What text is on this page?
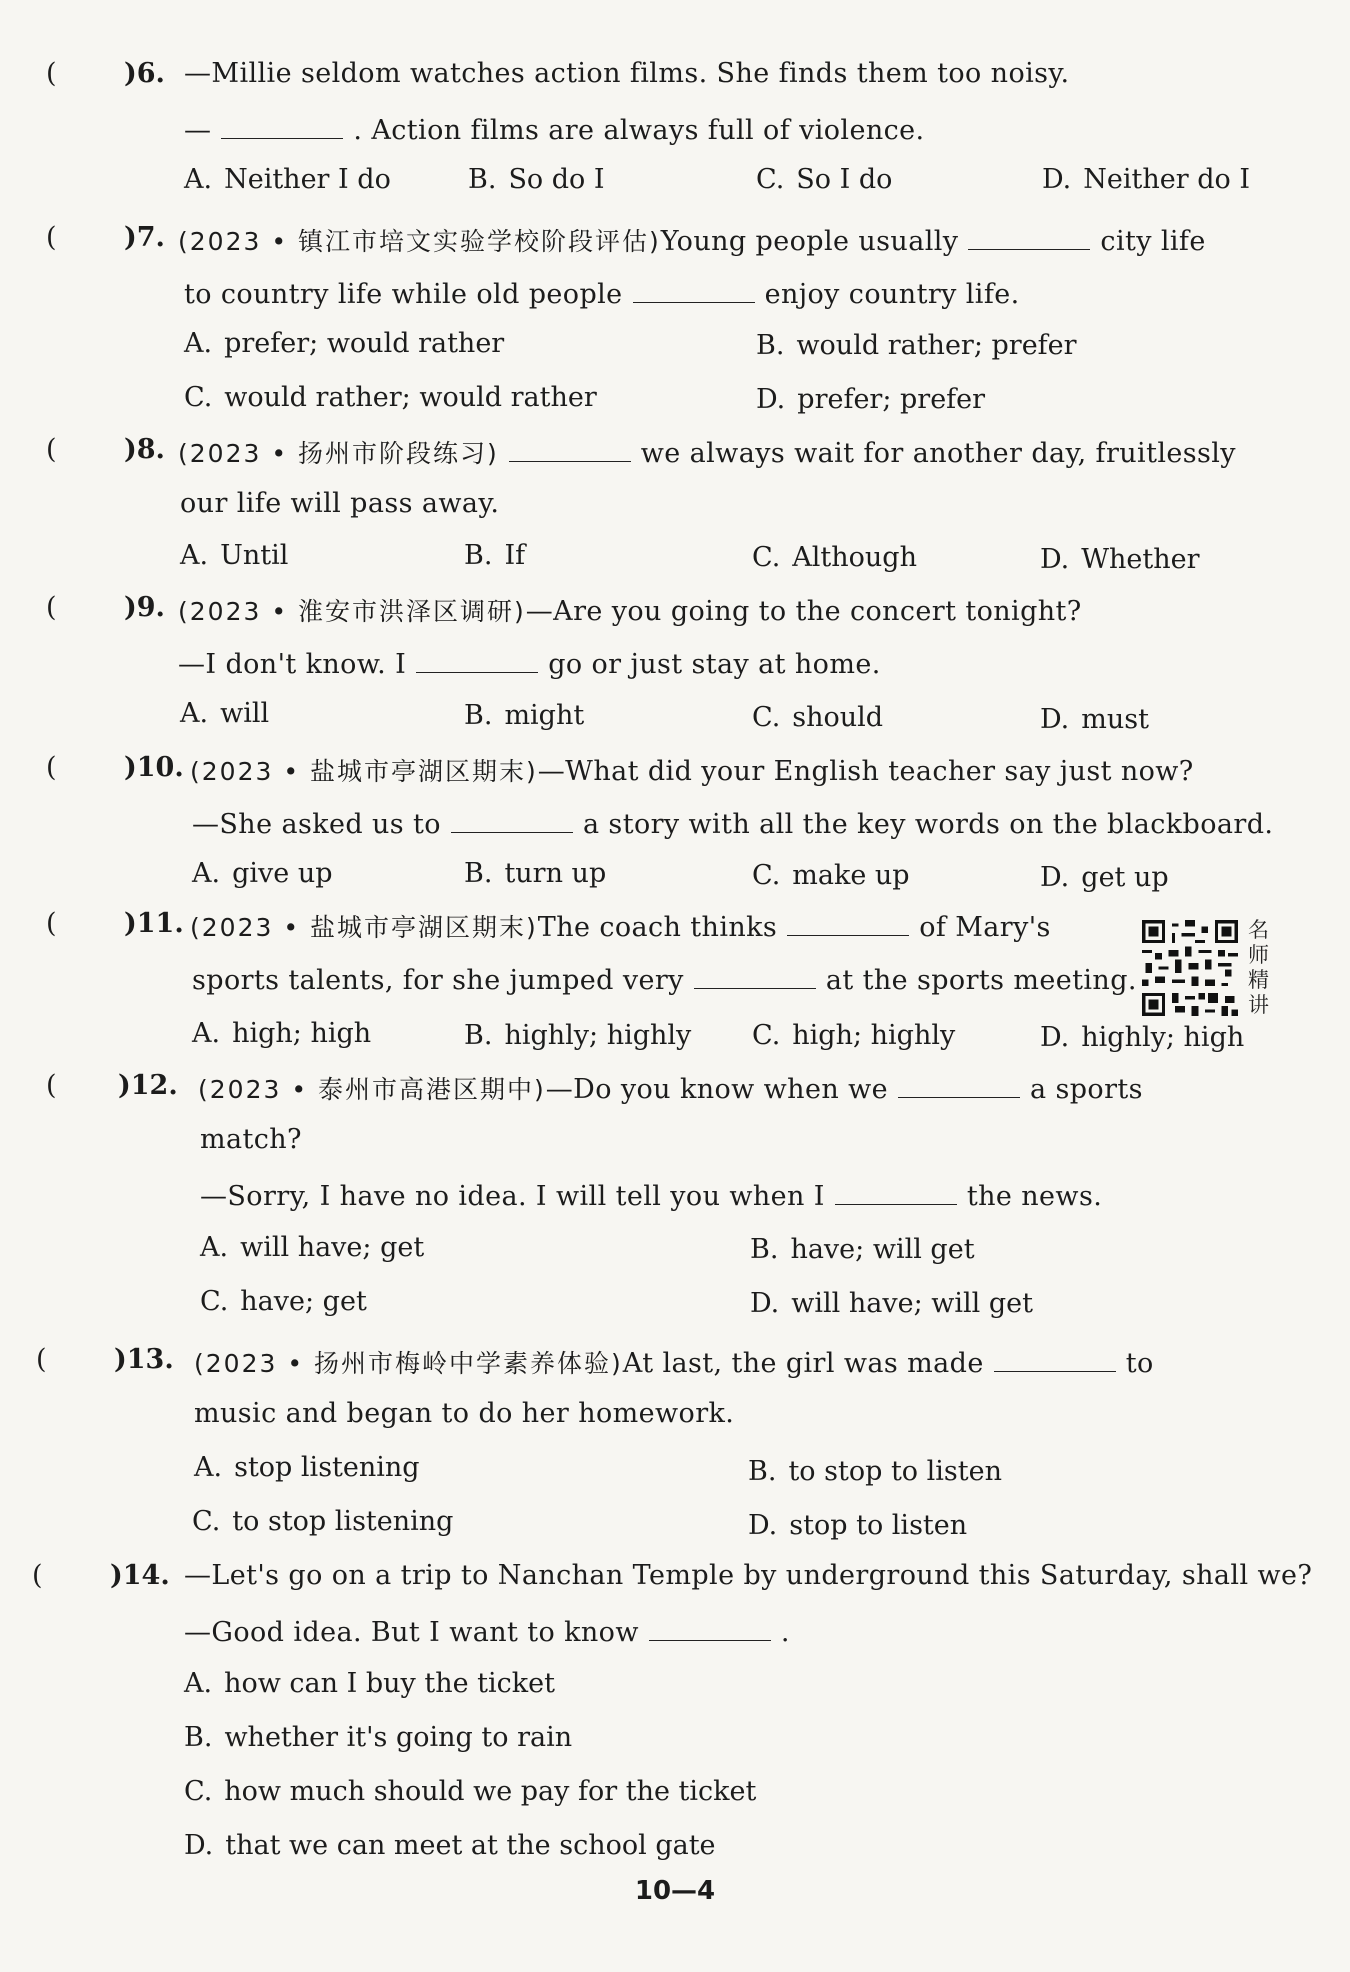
( )6. —Millie seldom watches action films. She finds them too noisy.
—	. Action films are always full of violence.
A. Neither I do	B. So do I	C. So I do	D. Neither do I
( )7. (2023 • 镇江市培文实验学校阶段评估)Young people usually	city life
to country life while old people	enjoy country life.
A. prefer; would rather	B. would rather; prefer
C. would rather; would rather	D. prefer; prefer
( )8. (2023 • 扬州市阶段练习)	we always wait for another day, fruitlessly
our life will pass away.
A. Until	B. If	C. Although	D. Whether
( )9. (2023 • 淮安市洪泽区调研)—Are you going to the concert tonight?
—I don't know. I	go or just stay at home.
A. will	B. might	C. should	D. must
( )10. (2023 • 盐城市亭湖区期末)—What did your English teacher say just now?
—She asked us to	a story with all the key words on the blackboard.
A. give up	B. turn up	C. make up	D. get up
( )11. (2023 • 盐城市亭湖区期末)The coach thinks	of Mary's
sports talents, for she jumped very	at the sports meeting.
A. high; high	B. highly; highly C. high; highly	D. highly; high
名
师
精
讲
( )12. (2023 • 泰州市高港区期中)—Do you know when we	a sports
match?
—Sorry, I have no idea. I will tell you when I	the news.
A. will have; get	B. have; will get
C. have; get	D. will have; will get
( )13. (2023 • 扬州市梅岭中学素养体验)At last, the girl was made	to
music and began to do her homework.
A. stop listening	B. to stop to listen
C. to stop listening	D. stop to listen
( )14. —Let's go on a trip to Nanchan Temple by underground this Saturday, shall we?
—Good idea. But I want to know	.
A. how can I buy the ticket
B. whether it's going to rain
C. how much should we pay for the ticket
D. that we can meet at the school gate
10—4
